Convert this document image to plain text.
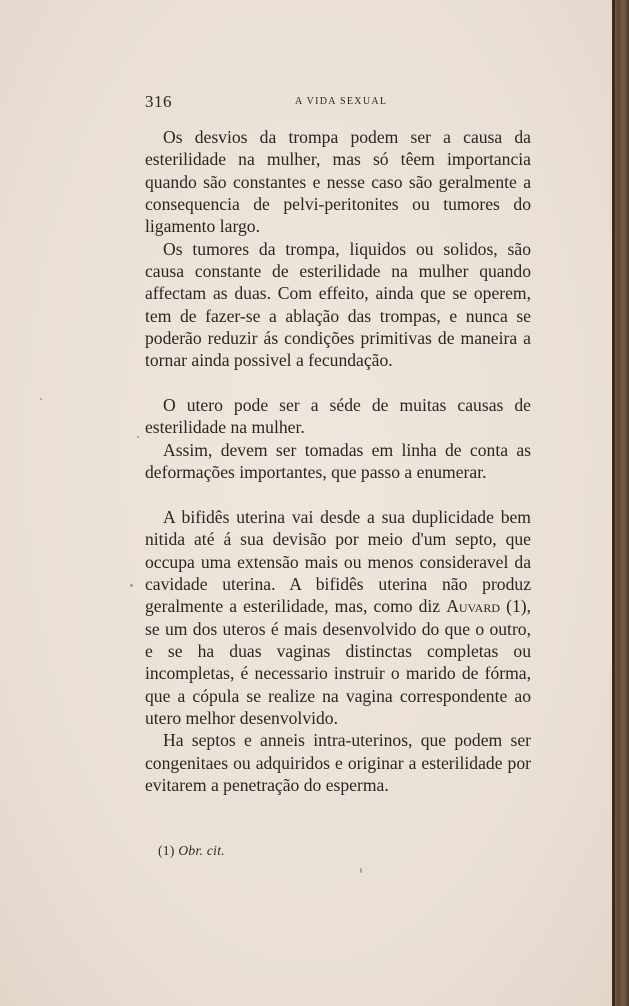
316	A VIDA SEXUAL

Os desvios da trompa podem ser a causa da esterilidade na mulher, mas só têem importancia quando são constantes e nesse caso são geralmente a consequencia de pelvi-peritonites ou tumores do ligamento largo.

Os tumores da trompa, liquidos ou solidos, são causa constante de esterilidade na mulher quando affectam as duas. Com effeito, ainda que se operem, tem de fazer-se a ablação das trompas, e nunca se poderão reduzir ás condições primitivas de maneira a tornar ainda possivel a fecundação.

O utero pode ser a séde de muitas causas de esterilidade na mulher.

Assim, devem ser tomadas em linha de conta as deformações importantes, que passo a enumerar.

A bifidês uterina vai desde a sua duplicidade bem nitida até á sua devisão por meio d'um septo, que occupa uma extensão mais ou menos consideravel da cavidade uterina. A bifidês uterina não produz geralmente a esterilidade, mas, como diz Auvard (1), se um dos uteros é mais desenvolvido do que o outro, e se ha duas vaginas distinctas completas ou incompletas, é necessario instruir o marido de fórma, que a cópula se realize na vagina correspondente ao utero melhor desenvolvido.

Ha septos e anneis intra-uterinos, que podem ser congenitaes ou adquiridos e originar a esterilidade por evitarem a penetração do esperma.

(1) Obr. cit.
